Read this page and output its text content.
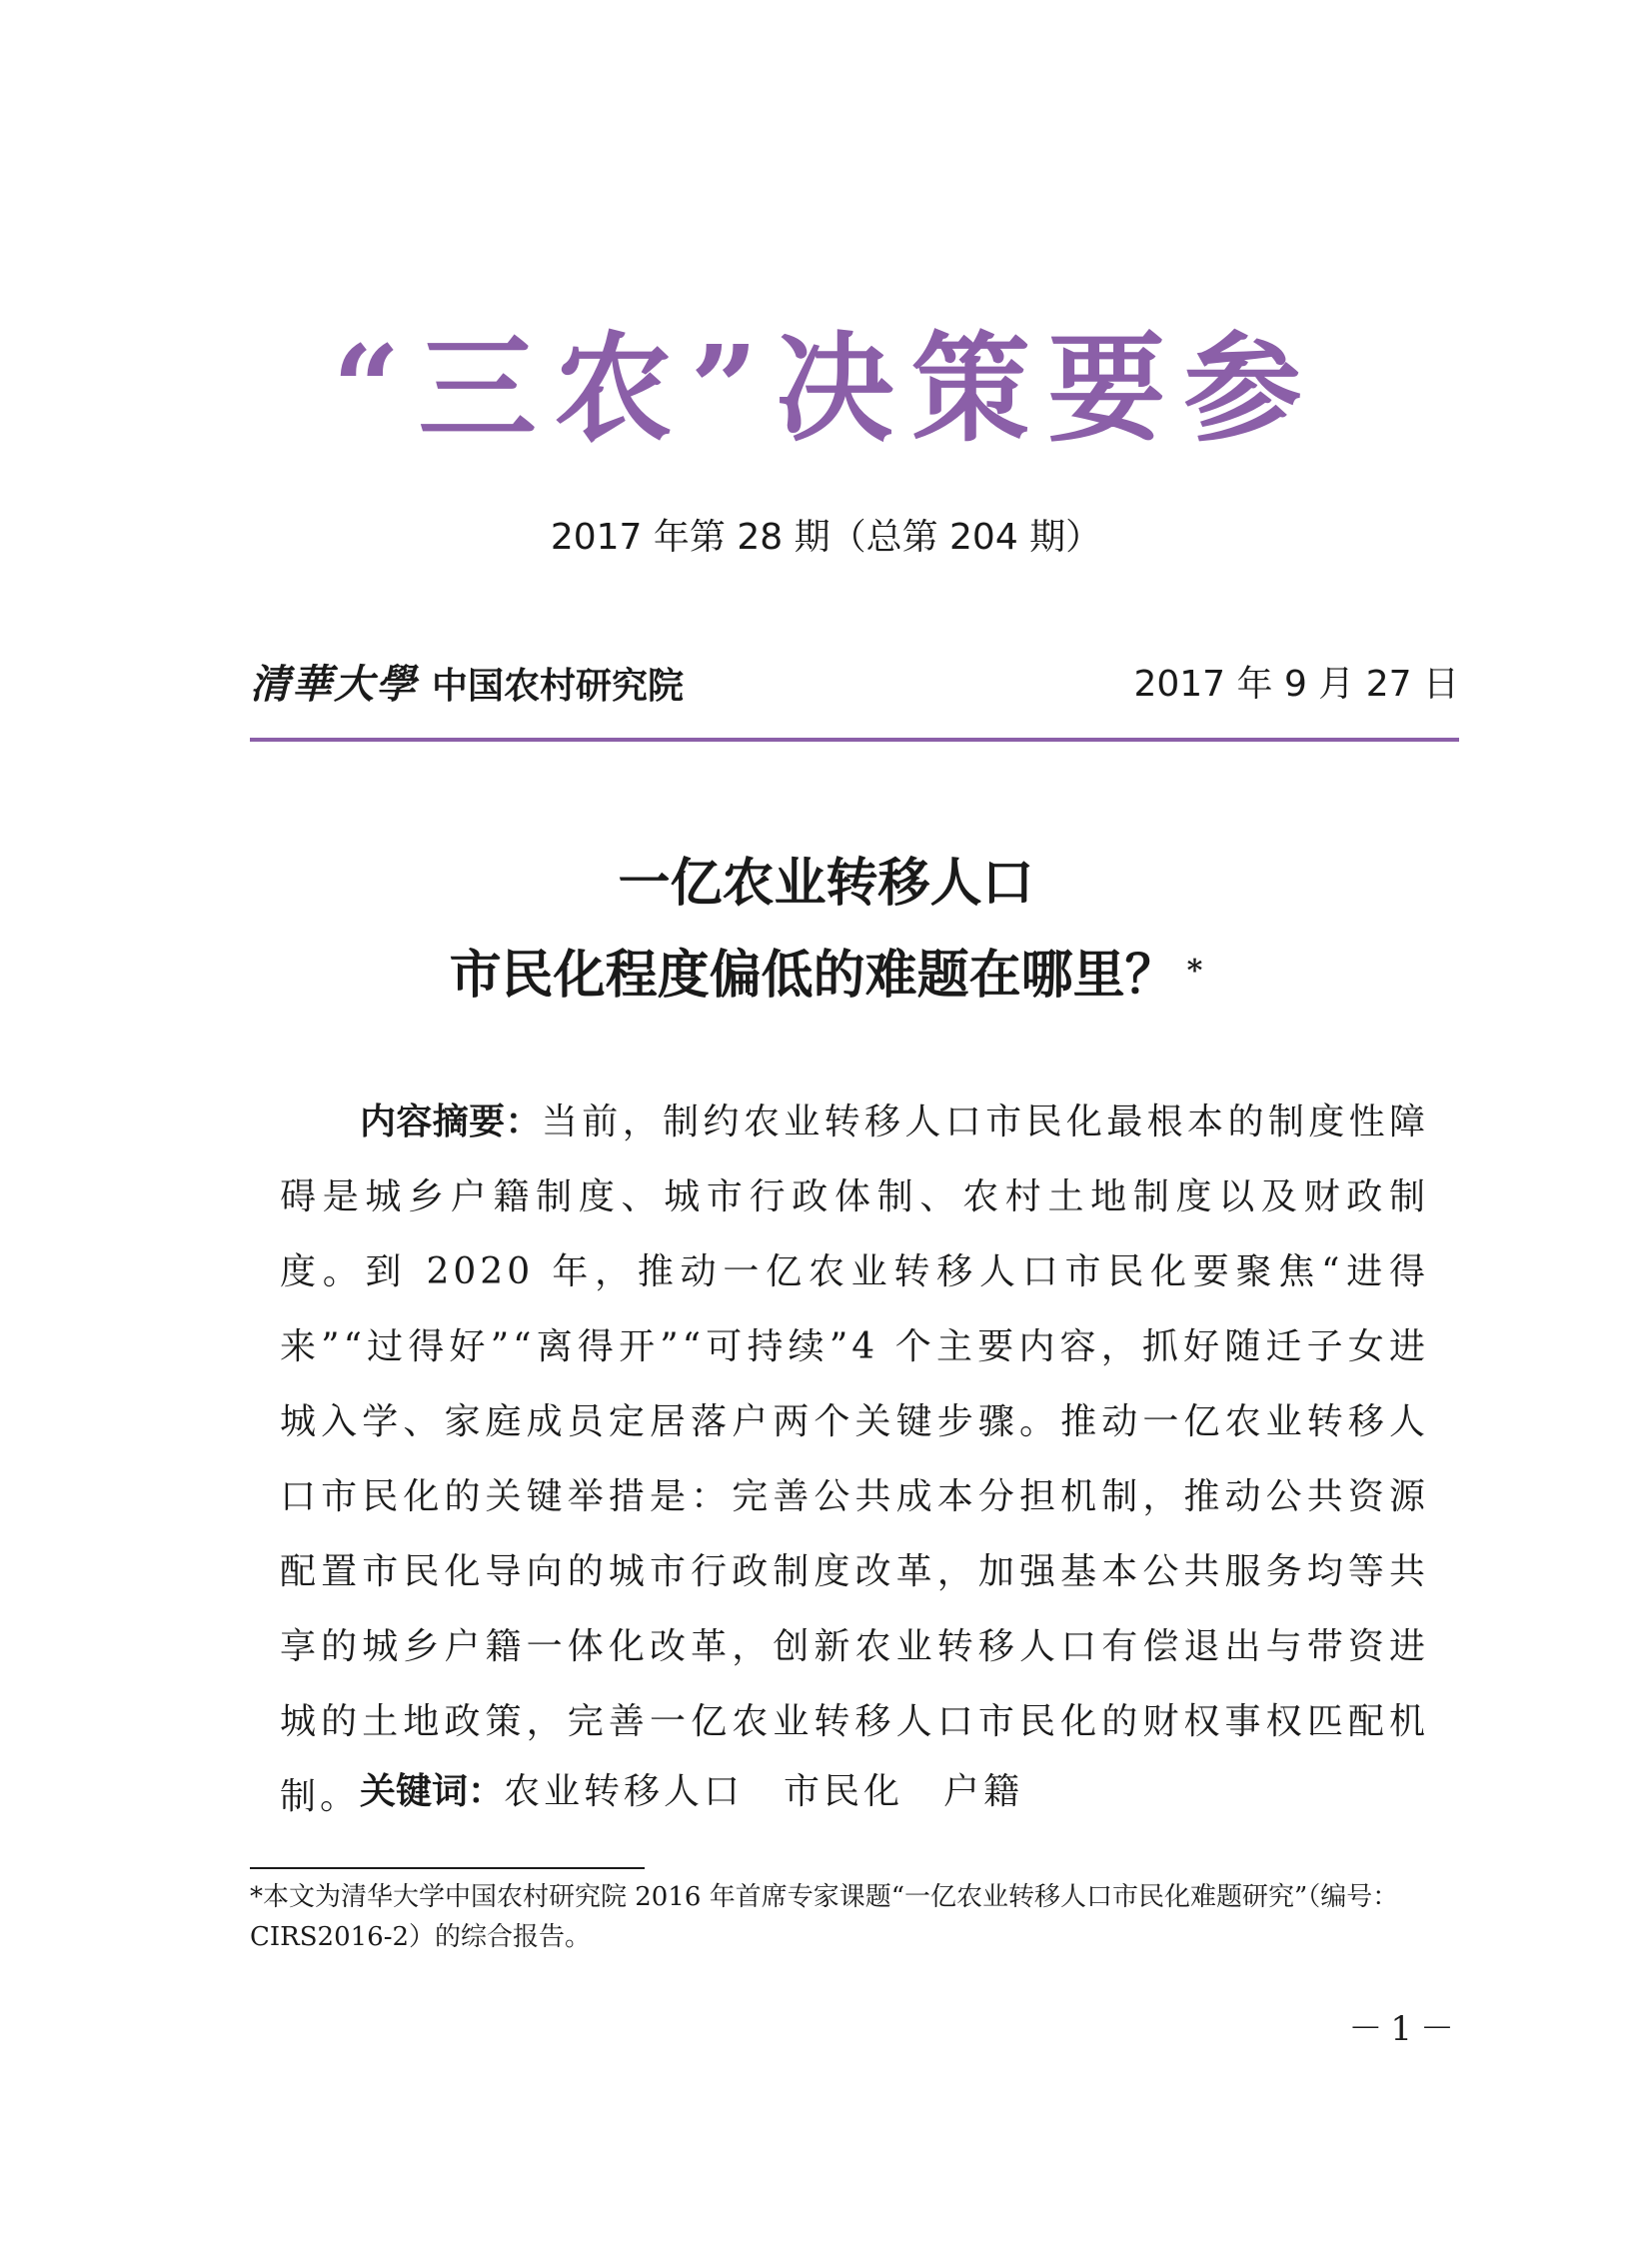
“三农”决策要参
2017 年第 28 期（总第 204 期）
清華大學 中国农村研究院	2017 年 9 月 27 日
一亿农业转移人口
市民化程度偏低的难题在哪里？ *

内容摘要：当前，制约农业转移人口市民化最根本的制度性障碍是城乡户籍制度、城市行政体制、农村土地制度以及财政制度。到 2020 年，推动一亿农业转移人口市民化要聚焦“进得来”“过得好”“离得开”“可持续”4 个主要内容，抓好随迁子女进城入学、家庭成员定居落户两个关键步骤。推动一亿农业转移人口市民化的关键举措是：完善公共成本分担机制，推动公共资源配置市民化导向的城市行政制度改革，加强基本公共服务均等共享的城乡户籍一体化改革，创新农业转移人口有偿退出与带资进城的土地政策，完善一亿农业转移人口市民化的财权事权匹配机制。 关键词：农业转移人口 市民化 户籍

*本文为清华大学中国农村研究院 2016 年首席专家课题“一亿农业转移人口市民化难题研究”（编号：CIRS2016-2）的综合报告。

－1－
